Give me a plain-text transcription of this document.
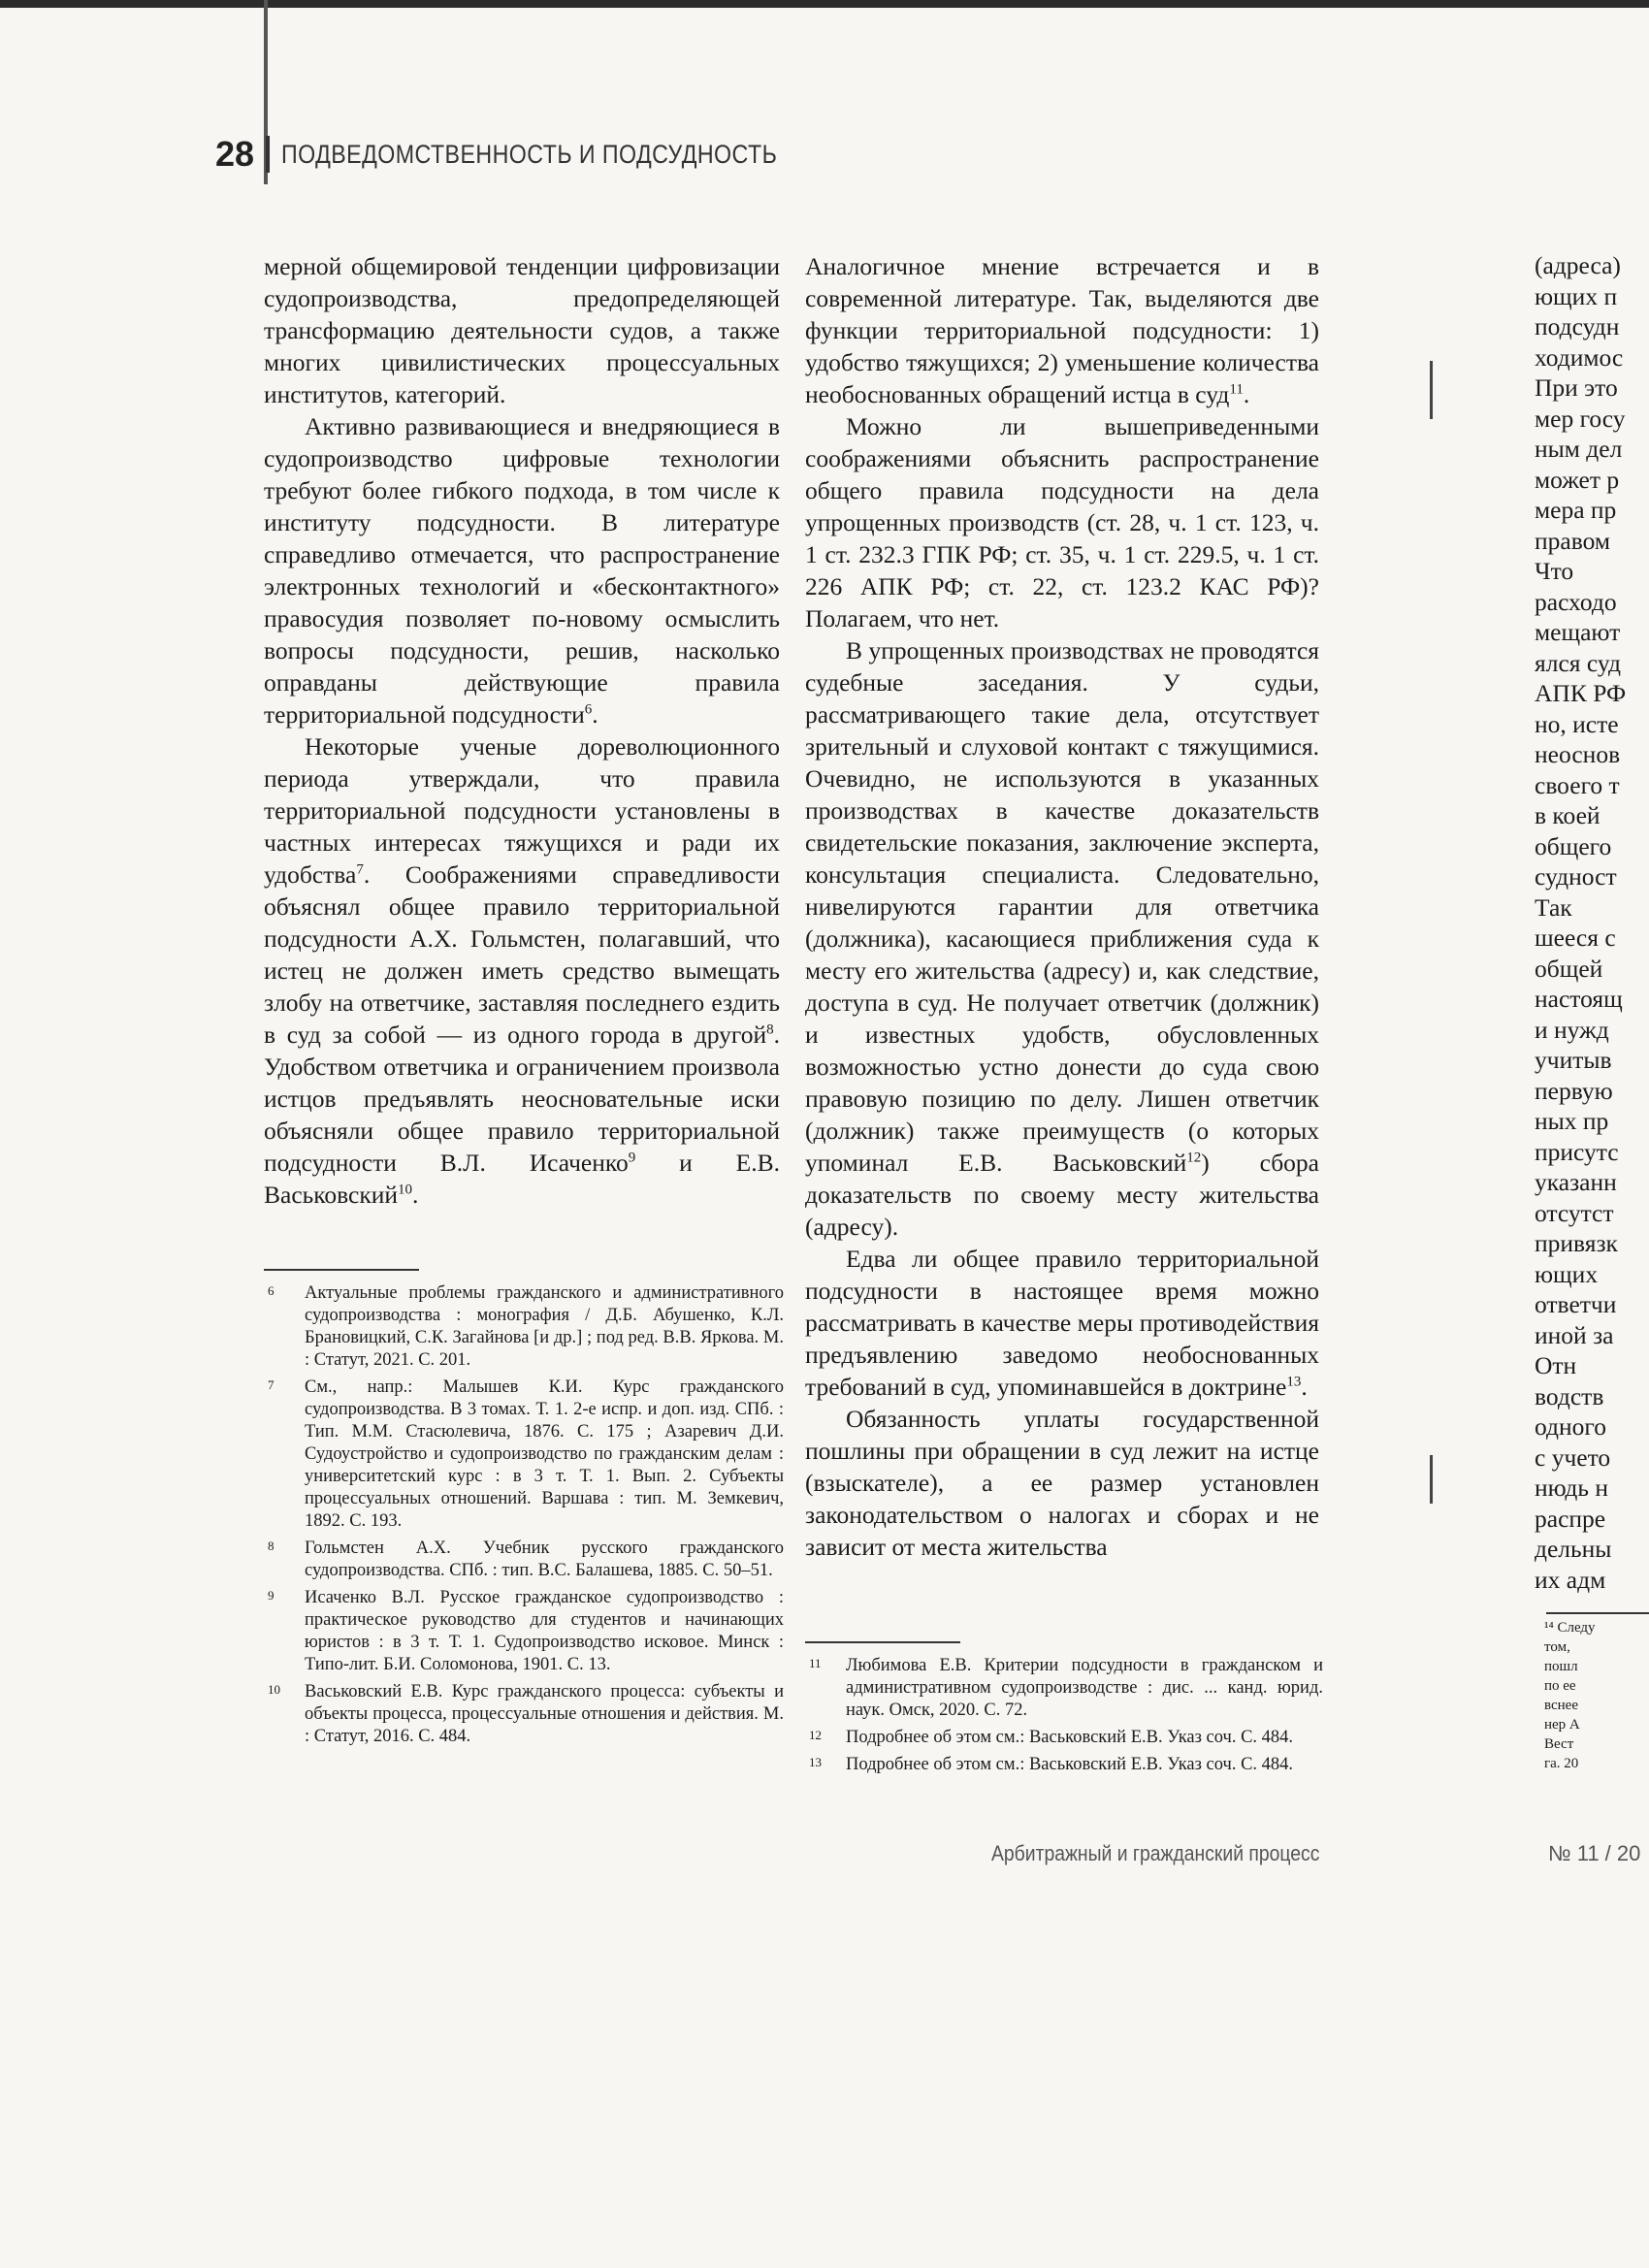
28 ПОДВЕДОМСТВЕННОСТЬ И ПОДСУДНОСТЬ

мерной общемировой тенденции цифровизации судопроизводства, предопределяющей трансформацию деятельности судов, а также многих цивилистических процессуальных институтов, категорий.

Активно развивающиеся и внедряющиеся в судопроизводство цифровые технологии требуют более гибкого подхода, в том числе к институту подсудности. В литературе справедливо отмечается, что распространение электронных технологий и «бесконтактного» правосудия позволяет по-новому осмыслить вопросы подсудности, решив, насколько оправданы действующие правила территориальной подсудности$^6$.

Некоторые ученые дореволюционного периода утверждали, что правила территориальной подсудности установлены в частных интересах тяжущихся и ради их удобства$^7$. Соображениями справедливости объяснял общее правило территориальной подсудности А.Х. Гольмстен, полагавший, что истец не должен иметь средство вымещать злобу на ответчике, заставляя последнего ездить в суд за собой — из одного города в другой$^8$. Удобством ответчика и ограничением произвола истцов предъявлять неосновательные иски объясняли общее правило территориальной подсудности В.Л. Исаченко$^9$ и Е.В. Васьковский$^{10}$.

Аналогичное мнение встречается и в современной литературе. Так, выделяются две функции территориальной подсудности: 1) удобство тяжущихся; 2) уменьшение количества необоснованных обращений истца в суд$^{11}$.

Можно ли вышеприведенными соображениями объяснить распространение общего правила подсудности на дела упрощенных производств (ст. 28, ч. 1 ст. 123, ч. 1 ст. 232.3 ГПК РФ; ст. 35, ч. 1 ст. 229.5, ч. 1 ст. 226 АПК РФ; ст. 22, ст. 123.2 КАС РФ)? Полагаем, что нет.

В упрощенных производствах не проводятся судебные заседания. У судьи, рассматривающего такие дела, отсутствует зрительный и слуховой контакт с тяжущимися. Очевидно, не используются в указанных производствах в качестве доказательств свидетельские показания, заключение эксперта, консультация специалиста. Следовательно, нивелируются гарантии для ответчика (должника), касающиеся приближения суда к месту его жительства (адресу) и, как следствие, доступа в суд. Не получает ответчик (должник) и известных удобств, обусловленных возможностью устно донести до суда свою правовую позицию по делу. Лишен ответчик (должник) также преимуществ (о которых упоминал Е.В. Васьковский$^{12}$) сбора доказательств по своему месту жительства (адресу).

Едва ли общее правило территориальной подсудности в настоящее время можно рассматривать в качестве меры противодействия предъявлению заведомо необоснованных требований в суд, упоминавшейся в доктрине$^{13}$.

Обязанность уплаты государственной пошлины при обращении в суд лежит на истце (взыскателе), а ее размер установлен законодательством о налогах и сборах и не зависит от места жительства

6	Актуальные проблемы гражданского и административного судопроизводства : монография / Д.Б. Абушенко, К.Л. Брановицкий, С.К. Загайнова [и др.] ; под ред. В.В. Яркова. М. : Статут, 2021. С. 201.
7	См., напр.: Малышев К.И. Курс гражданского судопроизводства. В 3 томах. Т. 1. 2-е испр. и доп. изд. СПб. : Тип. М.М. Стасюлевича, 1876. С. 175 ; Азаревич Д.И. Судоустройство и судопроизводство по гражданским делам : университетский курс : в 3 т. Т. 1. Вып. 2. Субъекты процессуальных отношений. Варшава : тип. М. Земкевич, 1892. С. 193.
8	Гольмстен А.Х. Учебник русского гражданского судопроизводства. СПб. : тип. В.С. Балашева, 1885. С. 50–51.
9	Исаченко В.Л. Русское гражданское судопроизводство : практическое руководство для студентов и начинающих юристов : в 3 т. Т. 1. Судопроизводство исковое. Минск : Типо-лит. Б.И. Соломонова, 1901. С. 13.
10	Васьковский Е.В. Курс гражданского процесса: субъекты и объекты процесса, процессуальные отношения и действия. М. : Статут, 2016. С. 484.
11	Любимова Е.В. Критерии подсудности в гражданском и административном судопроизводстве : дис. ... канд. юрид. наук. Омск, 2020. С. 72.
12	Подробнее об этом см.: Васьковский Е.В. Указ соч. С. 484.
13	Подробнее об этом см.: Васьковский Е.В. Указ соч. С. 484.
Арбитражный и гражданский процесс	№ 11 / 20
(адреса)
ющих п
подсудн
ходимос
При это
мер госу
ным дел
может р
мера пр
правом
Что
расходо
мещают
ялся суд
АПК РФ
но, исте
неоснов
своего т
в коей
общего
судност
Так
шееся с
общей
настоящ
и нужд
учитыв
первую
ных пр
присутс
указанн
отсутст
привязк
ющих
ответчи
иной за
Отн
водств
одного
с учето
нюдь н
распре
дельны
их адм
¹⁴ Следу
том,
пошл
по ее
вснее
нер А
Вест
га. 20
